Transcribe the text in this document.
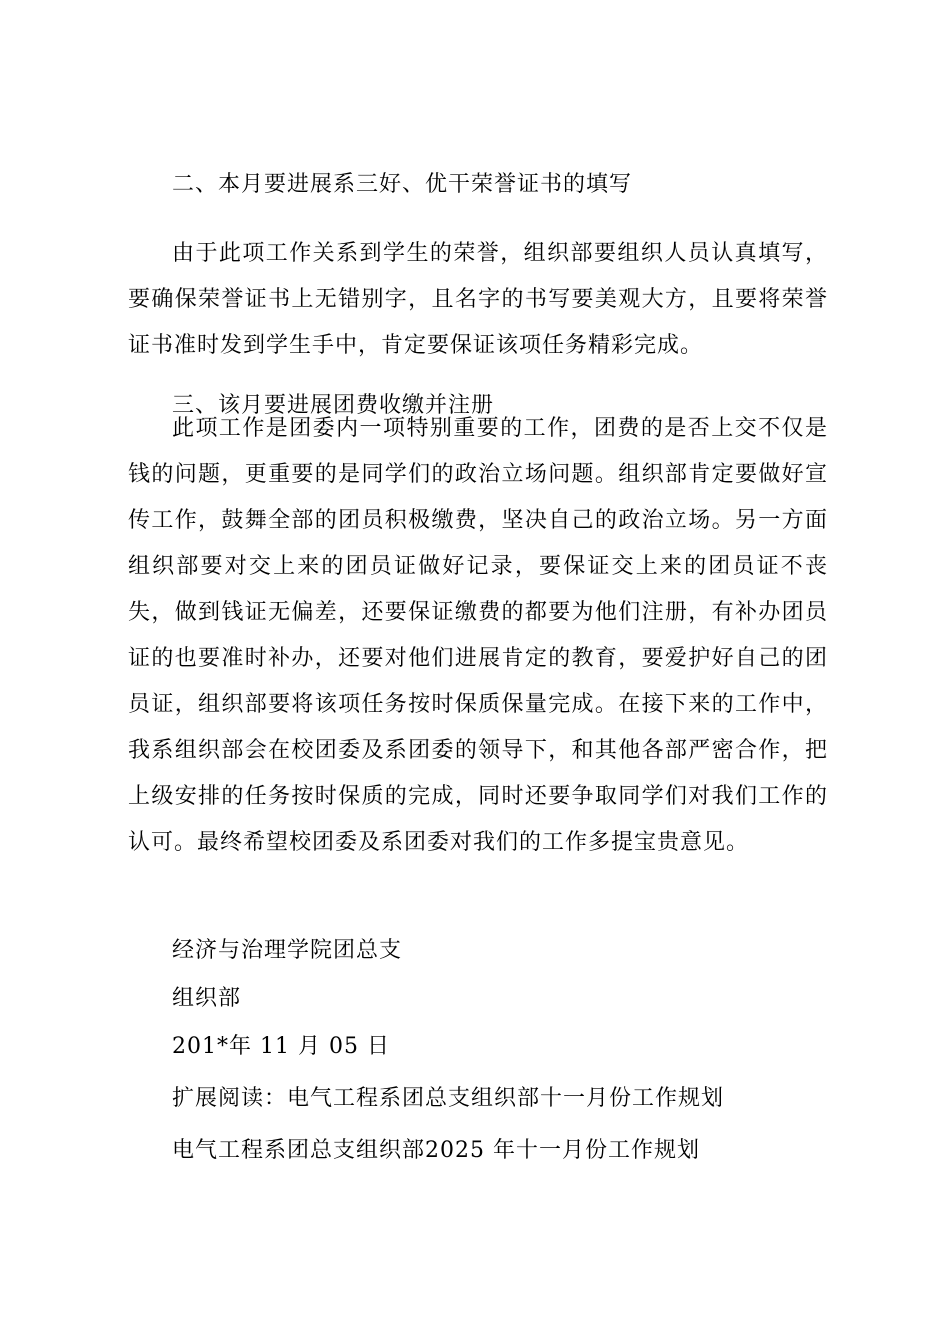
二、本月要进展系三好、优干荣誉证书的填写

由于此项工作关系到学生的荣誉，组织部要组织人员认真填写，要确保荣誉证书上无错别字，且名字的书写要美观大方，且要将荣誉证书准时发到学生手中，肯定要保证该项任务精彩完成。

三、该月要进展团费收缴并注册

此项工作是团委内一项特别重要的工作，团费的是否上交不仅是钱的问题，更重要的是同学们的政治立场问题。组织部肯定要做好宣传工作，鼓舞全部的团员积极缴费，坚决自己的政治立场。另一方面组织部要对交上来的团员证做好记录，要保证交上来的团员证不丧失，做到钱证无偏差，还要保证缴费的都要为他们注册，有补办团员证的也要准时补办，还要对他们进展肯定的教育，要爱护好自己的团员证，组织部要将该项任务按时保质保量完成。在接下来的工作中，我系组织部会在校团委及系团委的领导下，和其他各部严密合作，把上级安排的任务按时保质的完成，同时还要争取同学们对我们工作的认可。最终希望校团委及系团委对我们的工作多提宝贵意见。

经济与治理学院团总支

组织部

201*年 11 月 05 日

扩展阅读：电气工程系团总支组织部十一月份工作规划

电气工程系团总支组织部2025 年十一月份工作规划
